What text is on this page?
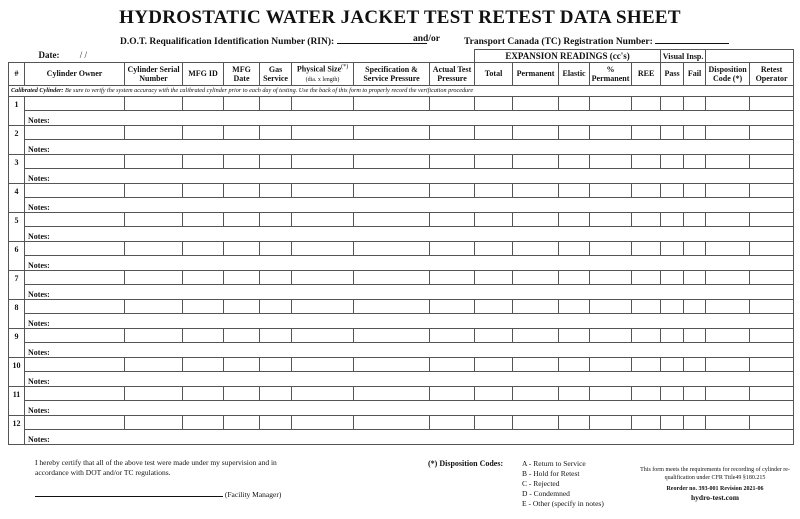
HYDROSTATIC WATER JACKET TEST RETEST DATA SHEET
D.O.T. Requalification Identification Number (RIN):	and/or	Transport Canada (TC) Registration Number:
	Date: / /								EXPANSION READINGS (cc's)					Visual Insp.			
#	Cylinder Owner	Cylinder Serial Number	MFG ID	MFG Date	Gas Service	Physical Size(*)
(dia. x length)	Specification & Service Pressure	Actual Test Pressure	Total	Permanent	Elastic	% Permanent	REE	Pass	Fail	Disposition Code (*)	Retest Operator
Calibrated Cylinder: Be sure to verify the system accuracy with the calibrated cylinder prior to each day of testing. Use the back of this form to properly record the verification procedure																	
1																	
	Notes:																
2																	
	Notes:																
3																	
	Notes:																
4																	
	Notes:																
5																	
	Notes:																
6																	
	Notes:																
7																	
	Notes:																
8																	
	Notes:																
9																	
	Notes:																
10																	
	Notes:																
11																	
	Notes:																
12																	
	Notes:																
I hereby certify that all of the above test were made under my supervision and in accordance with DOT and/or TC regulations.
(Facility Manager)
(*) Disposition Codes:	A - Return to Service
B - Hold for Retest
C - Rejected
D - Condemned
E - Other (specify in notes)
This form meets the requirements for recording of cylinder re-qualification under CFR Title49 §180.215
Reorder no. 393-001 Revision 2021-06
hydro-test.com
